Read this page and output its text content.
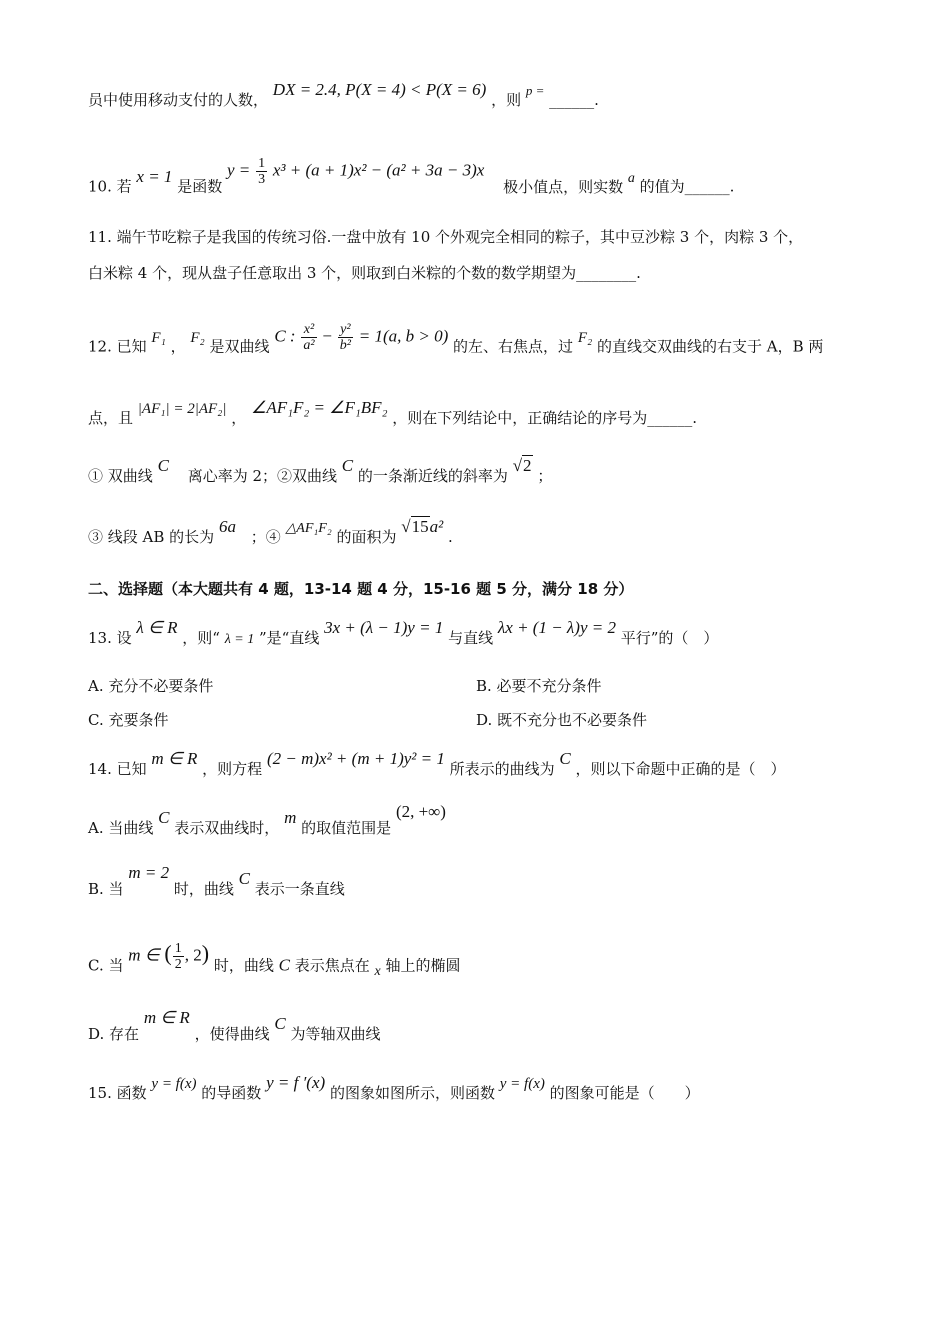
员中使用移动支付的人数， DX = 2.4, P(X = 4) < P(X = 6) ，则 p = ______.
10. 若 x = 1 是函数 $y = \frac{1}{3} x^3 + (a + 1)x^2 - (a^2 + 3a - 3)x$ 极小值点，则实数 a 的值为______.
11. 端午节吃粽子是我国的传统习俗.一盘中放有 10 个外观完全相同的粽子，其中豆沙粽 3 个，肉粽 3 个，
白米粽 4 个，现从盘子任意取出 3 个，则取到白米粽的个数的数学期望为________.
12. 已知 F₁ ， F₂ 是双曲线 C : $\frac{\text{x²}}{\text{a²}} - \frac{\text{y²}}{\text{b²}} = 1(a$, b > 0) 的左、右焦点，过 F₂ 的直线交双曲线的右支于 A，B 两
点，且 |AF₁| = 2|AF₂| ， ∠AF₁F₂ = ∠F₁BF₂ ，则在下列结论中，正确结论的序号为______.
① 双曲线 C 离心率为 2；②双曲线 C 的一条渐近线的斜率为 √2 ；
③ 线段 AB 的长为 6a ；④ △AF₁F₂ 的面积为 √15a² .
二、选择题（本大题共有 4 题，13-14 题 4 分，15-16 题 5 分，满分 18 分）
13. 设 λ ∈ R ，则“ λ = 1 ”是“直线 3x + (λ − 1)y = 1 与直线 λx + (1 − λ)y = 2 平行”的（　）
A. 充分不必要条件	B. 必要不充分条件
C. 充要条件	D. 既不充分也不必要条件
14. 已知 m ∈ R ，则方程 (2 − m)x² + (m + 1)y² = 1 所表示的曲线为 C ，则以下命题中正确的是（　）
A. 当曲线 C 表示双曲线时， m 的取值范围是 (2, +∞)
B. 当 m = 2 时，曲线 C 表示一条直线
C. 当 m ∈ ( $\frac{1}{2}$ , 2) 时，曲线 C 表示焦点在 x 轴上的椭圆
D. 存在 m ∈ R ，使得曲线 C 为等轴双曲线
15. 函数 y = f(x) 的导函数 y = f ′(x) 的图象如图所示，则函数 y = f(x) 的图象可能是（　　）
